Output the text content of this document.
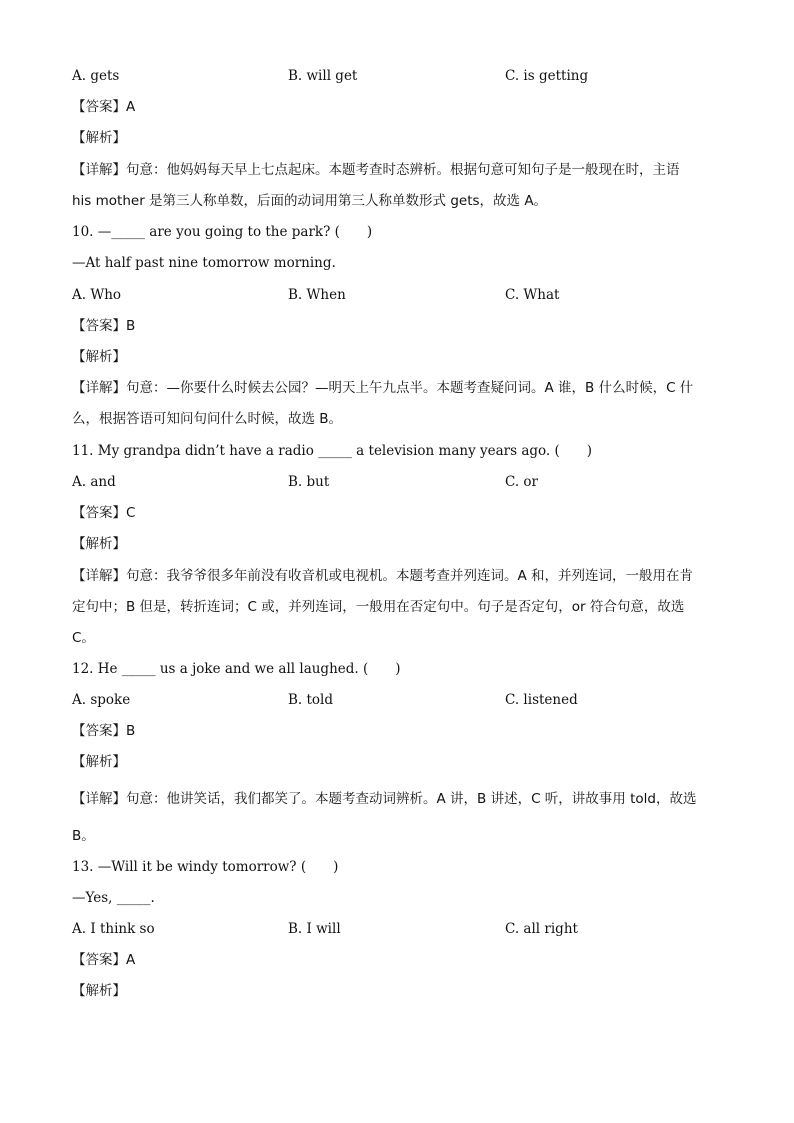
A. gets	B. will get	C. is getting
【答案】A
【解析】
【详解】句意：他妈妈每天早上七点起床。本题考查时态辨析。根据句意可知句子是一般现在时，主语
his mother 是第三人称单数，后面的动词用第三人称单数形式 gets，故选 A。
10. —_____ are you going to the park? (　　)
—At half past nine tomorrow morning.
A. Who	B. When	C. What
【答案】B
【解析】
【详解】句意：—你要什么时候去公园？—明天上午九点半。本题考查疑问词。A 谁，B 什么时候，C 什
么，根据答语可知问句问什么时候，故选 B。
11. My grandpa didn’t have a radio _____ a television many years ago. (　　)
A. and	B. but	C. or
【答案】C
【解析】
【详解】句意：我爷爷很多年前没有收音机或电视机。本题考查并列连词。A 和，并列连词，一般用在肯
定句中；B 但是，转折连词；C 或，并列连词，一般用在否定句中。句子是否定句，or 符合句意，故选
C。
12. He _____ us a joke and we all laughed. (　　)
A. spoke	B. told	C. listened
【答案】B
【解析】
【详解】句意：他讲笑话，我们都笑了。本题考查动词辨析。A 讲，B 讲述，C 听，讲故事用 told，故选
B。
13. —Will it be windy tomorrow? (　　)
—Yes, _____.
A. I think so	B. I will	C. all right
【答案】A
【解析】
